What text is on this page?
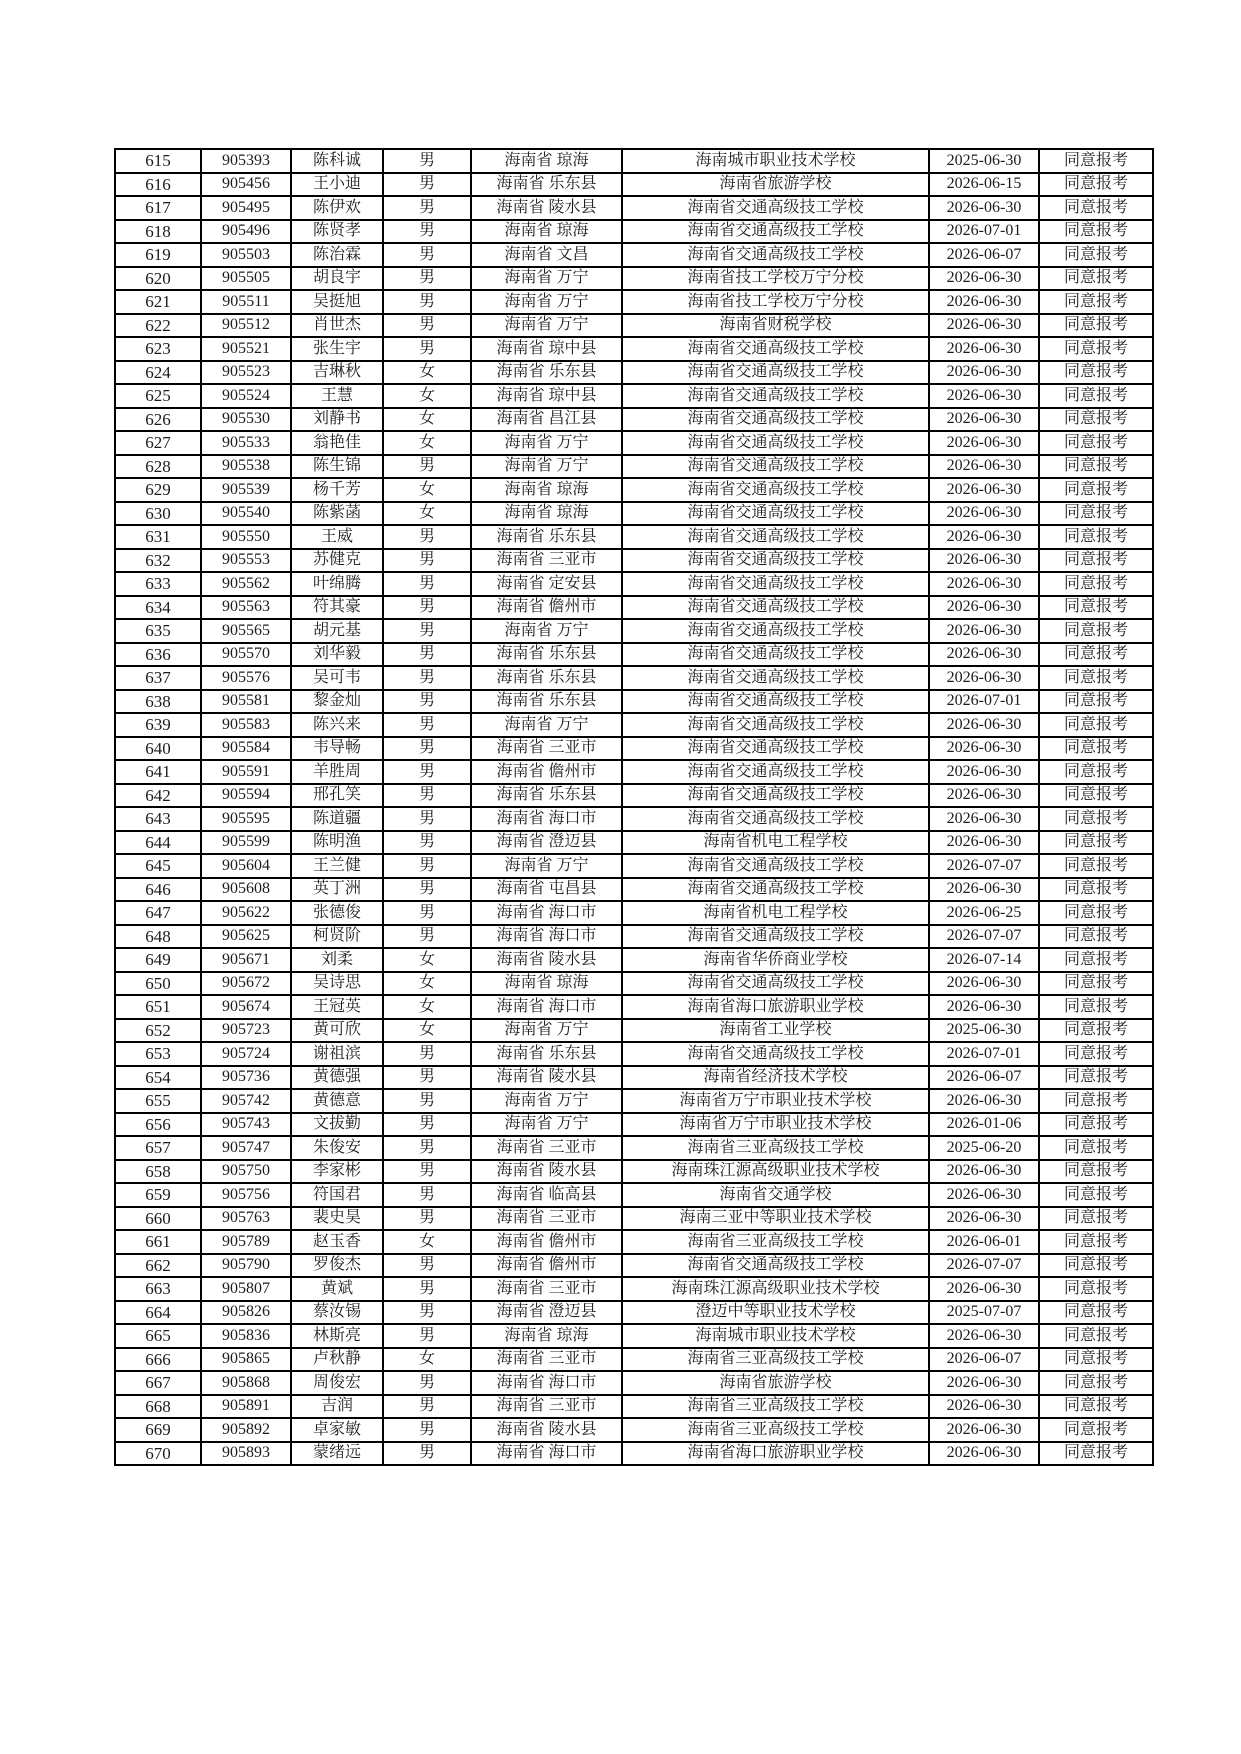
615	905393	陈科诚	男	海南省 琼海	海南城市职业技术学校	2025-06-30	同意报考
616	905456	王小迪	男	海南省 乐东县	海南省旅游学校	2026-06-15	同意报考
617	905495	陈伊欢	男	海南省 陵水县	海南省交通高级技工学校	2026-06-30	同意报考
618	905496	陈贤孝	男	海南省 琼海	海南省交通高级技工学校	2026-07-01	同意报考
619	905503	陈治霖	男	海南省 文昌	海南省交通高级技工学校	2026-06-07	同意报考
620	905505	胡良宇	男	海南省 万宁	海南省技工学校万宁分校	2026-06-30	同意报考
621	905511	吴挺旭	男	海南省 万宁	海南省技工学校万宁分校	2026-06-30	同意报考
622	905512	肖世杰	男	海南省 万宁	海南省财税学校	2026-06-30	同意报考
623	905521	张生宇	男	海南省 琼中县	海南省交通高级技工学校	2026-06-30	同意报考
624	905523	吉琳秋	女	海南省 乐东县	海南省交通高级技工学校	2026-06-30	同意报考
625	905524	王慧	女	海南省 琼中县	海南省交通高级技工学校	2026-06-30	同意报考
626	905530	刘静书	女	海南省 昌江县	海南省交通高级技工学校	2026-06-30	同意报考
627	905533	翁艳佳	女	海南省 万宁	海南省交通高级技工学校	2026-06-30	同意报考
628	905538	陈生锦	男	海南省 万宁	海南省交通高级技工学校	2026-06-30	同意报考
629	905539	杨千芳	女	海南省 琼海	海南省交通高级技工学校	2026-06-30	同意报考
630	905540	陈紫菡	女	海南省 琼海	海南省交通高级技工学校	2026-06-30	同意报考
631	905550	王威	男	海南省 乐东县	海南省交通高级技工学校	2026-06-30	同意报考
632	905553	苏健克	男	海南省 三亚市	海南省交通高级技工学校	2026-06-30	同意报考
633	905562	叶绵腾	男	海南省 定安县	海南省交通高级技工学校	2026-06-30	同意报考
634	905563	符其豪	男	海南省 儋州市	海南省交通高级技工学校	2026-06-30	同意报考
635	905565	胡元基	男	海南省 万宁	海南省交通高级技工学校	2026-06-30	同意报考
636	905570	刘华毅	男	海南省 乐东县	海南省交通高级技工学校	2026-06-30	同意报考
637	905576	吴可韦	男	海南省 乐东县	海南省交通高级技工学校	2026-06-30	同意报考
638	905581	黎金灿	男	海南省 乐东县	海南省交通高级技工学校	2026-07-01	同意报考
639	905583	陈兴来	男	海南省 万宁	海南省交通高级技工学校	2026-06-30	同意报考
640	905584	韦导畅	男	海南省 三亚市	海南省交通高级技工学校	2026-06-30	同意报考
641	905591	羊胜周	男	海南省 儋州市	海南省交通高级技工学校	2026-06-30	同意报考
642	905594	邢孔笑	男	海南省 乐东县	海南省交通高级技工学校	2026-06-30	同意报考
643	905595	陈道疆	男	海南省 海口市	海南省交通高级技工学校	2026-06-30	同意报考
644	905599	陈明渔	男	海南省 澄迈县	海南省机电工程学校	2026-06-30	同意报考
645	905604	王兰健	男	海南省 万宁	海南省交通高级技工学校	2026-07-07	同意报考
646	905608	英丁洲	男	海南省 屯昌县	海南省交通高级技工学校	2026-06-30	同意报考
647	905622	张德俊	男	海南省 海口市	海南省机电工程学校	2026-06-25	同意报考
648	905625	柯贤阶	男	海南省 海口市	海南省交通高级技工学校	2026-07-07	同意报考
649	905671	刘柔	女	海南省 陵水县	海南省华侨商业学校	2026-07-14	同意报考
650	905672	吴诗思	女	海南省 琼海	海南省交通高级技工学校	2026-06-30	同意报考
651	905674	王冠英	女	海南省 海口市	海南省海口旅游职业学校	2026-06-30	同意报考
652	905723	黄可欣	女	海南省 万宁	海南省工业学校	2025-06-30	同意报考
653	905724	谢祖滨	男	海南省 乐东县	海南省交通高级技工学校	2026-07-01	同意报考
654	905736	黄德强	男	海南省 陵水县	海南省经济技术学校	2026-06-07	同意报考
655	905742	黄德意	男	海南省 万宁	海南省万宁市职业技术学校	2026-06-30	同意报考
656	905743	文拔勤	男	海南省 万宁	海南省万宁市职业技术学校	2026-01-06	同意报考
657	905747	朱俊安	男	海南省 三亚市	海南省三亚高级技工学校	2025-06-20	同意报考
658	905750	李家彬	男	海南省 陵水县	海南珠江源高级职业技术学校	2026-06-30	同意报考
659	905756	符国君	男	海南省 临高县	海南省交通学校	2026-06-30	同意报考
660	905763	裴史昊	男	海南省 三亚市	海南三亚中等职业技术学校	2026-06-30	同意报考
661	905789	赵玉香	女	海南省 儋州市	海南省三亚高级技工学校	2026-06-01	同意报考
662	905790	罗俊杰	男	海南省 儋州市	海南省交通高级技工学校	2026-07-07	同意报考
663	905807	黄斌	男	海南省 三亚市	海南珠江源高级职业技术学校	2026-06-30	同意报考
664	905826	蔡汝锡	男	海南省 澄迈县	澄迈中等职业技术学校	2025-07-07	同意报考
665	905836	林斯亮	男	海南省 琼海	海南城市职业技术学校	2026-06-30	同意报考
666	905865	卢秋静	女	海南省 三亚市	海南省三亚高级技工学校	2026-06-07	同意报考
667	905868	周俊宏	男	海南省 海口市	海南省旅游学校	2026-06-30	同意报考
668	905891	吉润	男	海南省 三亚市	海南省三亚高级技工学校	2026-06-30	同意报考
669	905892	卓家敏	男	海南省 陵水县	海南省三亚高级技工学校	2026-06-30	同意报考
670	905893	蒙绪远	男	海南省 海口市	海南省海口旅游职业学校	2026-06-30	同意报考
